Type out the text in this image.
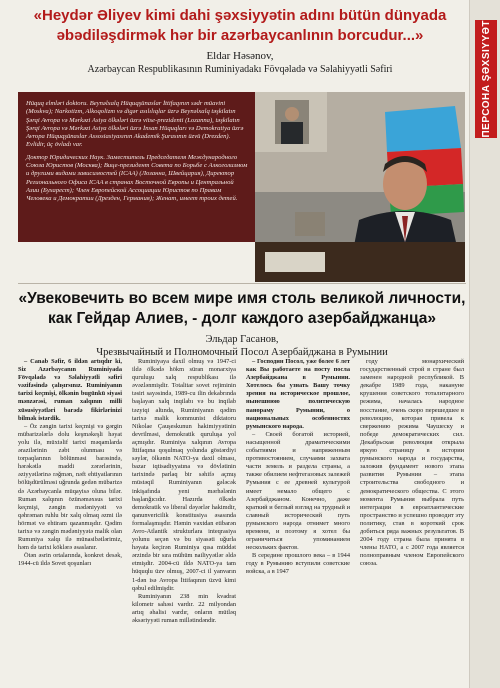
ПЕРСОНА ŞƏXSIYYƏT
«Heydər Əliyev kimi dahi şəxsiyyətin adını bütün dünyada əbədiləşdirmək hər bir azərbaycanlının borcudur...»
Eldar Həsənov,
Azərbaycan Respublikasının Ruminiyadakı Fövqəladə və Səlahiyyətli Səfiri

Hüquq elmləri doktoru. Beynəlxalq Hüquqşünaslar İttifaqının sədr müavini (Moskva); Narkotizm, Alkoqolizm və digər asılılıqlar üzrə Beynəlxalq təşkilatın Şərqi Avropa və Mərkəzi Asiya ölkələri üzrə vitse-prezidenti (Lozanna), təşkilatın Şərqi Avropa və Mərkəzi Asiya ölkələri üzrə İnsan Hüquqları və Demokratiya üzrə Avropa Hüquqşünaslar Assosiasiyasının Akademik Şurasının üzvü (Drezden). Evlidir, üç övladı var.

Доктор Юридических Наук. Заместитель Председателя Международного Союза Юристов (Москва); Вице-президент Совета по Борьбе с Алкоголизмом и другими видами зависимостей (ICAA) (Лозанна, Швейцария), Директор Регионального Офиса ICAA в странах Восточной Европы и Центральной Азии (Бухарест); Член Европейской Ассоциации Юристов по Правам Человека и Демократии (Дрезден, Германия); Женат, имеет троих детей.

«Увековечить во всем мире имя столь великой личности, как Гейдар Алиев, - долг каждого азербайджанца»
Эльдар Гасанов,
Чрезвычайный и Полномочный Посол Азербайджана в Румынии

– Canab Səfir, 6 ildən artıqdır ki, Siz Azərbaycanın Ruminiyada Fövqəladə və Səlahiyyətli səfiri vəzifəsində çalışırsınız. Ruminiyanın tarixi keçmişi, ölkənin bugünkü siyasi mənzərəsi, ruman xalqının milli xüsusiyyətləri barədə fikirlərinizi bilmək istərdik.

– Öz zəngin tarixi keçmişi və gərgin mübarizələrlə dolu keşməkeşli həyat yolu ilə, müxtəlif tarixi məqamlarda ərazilərinin zəbt olunması və torpaqlarının bölünməsi barəsində, hərəkətlə maddi zərərlərinin, əziyyətlərinə rəğmən, nəft ehtiyatlarının bölüşdürülməsi uğrunda gedən mübarizə də Azərbaycanla müqayisə oluna bilər. Ruman xalqının özünəməxsus tarixi keçmişi, zəngin mədəniyyəti və qəhrəman ruhlu bir xalq olmaq əzmi ilə hörmət və ehtiram qazanmışdır. Qədim tarixə və zəngin mədəniyyətə malik olan Rumıniya xalqı ilə münasibətlərimiz, həm də tarixi köklərə əsaslanır.

Ötən əsrin ortalarında, konkret desək, 1944-cü ildə Sovet qoşunları

Ruminiyaya daxil olmuş və 1947-ci ildə ölkədə hökm süran monarxiya quruluşu xalq respublikası ilə əvəzlənmişdir. Totalitar sovet rejiminin təsiri sayəsində, 1989-cu ilin dekabrında başlayan xalq inqilabı və bu inqilab təzyiqi altında, Ruminiyanın qədim tarixə malik kommunist diktatoru Nikolae Çauşeskunun hakimiyyətinin devrilməsi, demokratik quruluşa yol açmışdır. Ruminiya xalqının Avropa İttifaqına qoşulmaq yolunda göstərdiyi səylər, ölkənin NATO-ya daxil olması, bazar iqtisadiyyatına və dövlətinin tarixində parlaq bir səhifə açmış müstəqil Ruminiyanın gələcək inkişafında yeni mərhələnin başlanğıcıdır. Hazırda ölkədə demokratik və liberal dəyərlər hakimdir, qanunvericilik konstitusiya əsasında formalaşmışdır. Həmin vaxtdan etibarən Avro-Atlantik strukturlara inteqrasiya yolunu seçən və bu siyasəti uğurla həyata keçirən Ruminiya qısa müddət ərzində bir sıra mühüm nailiyyətlər əldə etmişdir. 2004-cü ildə NATO-ya tam hüquqlu üzv olmuş, 2007-ci il yanvarın 1-dən isə Avropa İttifaqının üzvü kimi qəbul edilmişdir.

Ruminiyanın 238 min kvadrat kilometr sahəsi vardır. 22 milyondan artıq əhalisi vardır, onların mütləq əksəriyyəti ruman millətindəndir.

– Господин Посол, уже более 6 лет как Вы работаете на посту посла Азербайджана в Румынии. Хотелось бы узнать Вашу точку зрения на историческое прошлое, нынешнюю политическую панораму Румынии, о национальных особенностях румынского народа.

– Своей богатой историей, насыщенной драматическими событиями и напряженным противостоянием, случаями захвата части земель и раздела страны, а также обилием нефтегазовых залежей Румыния с ее древней культурой имеет немало общего с Азербайджаном. Конечно, даже краткий и беглый взгляд на трудный и славный исторический путь румынского народа отнимет много времени, и поэтому я хотел бы ограничиться упоминанием нескольких фактов.

В середине прошлого века – в 1944 году в Румынию вступили советские войска, а в 1947

году монархический государственный строй в стране был заменен народной республикой. В декабре 1989 года, накануне крушения советского тоталитарного режима, началась народное восстание, очень скоро перешедшее в революцию, которая привела к свержению режима Чаушеску и победе демократических сил. Декабрьская революция открыла яркую страницу в истории румынского народа и государства, заложив фундамент нового этапа развития Румынии – этапа строительства свободного и демократического общества. С этого момента Румыния выбрала путь интеграции в евроатлантические пространство и успешно проводит эту политику, став в короткий срок добиться ряда важных результатов. В 2004 году страна была принята в члены НАТО, а с 2007 года является полноправным членом Европейского союза.
